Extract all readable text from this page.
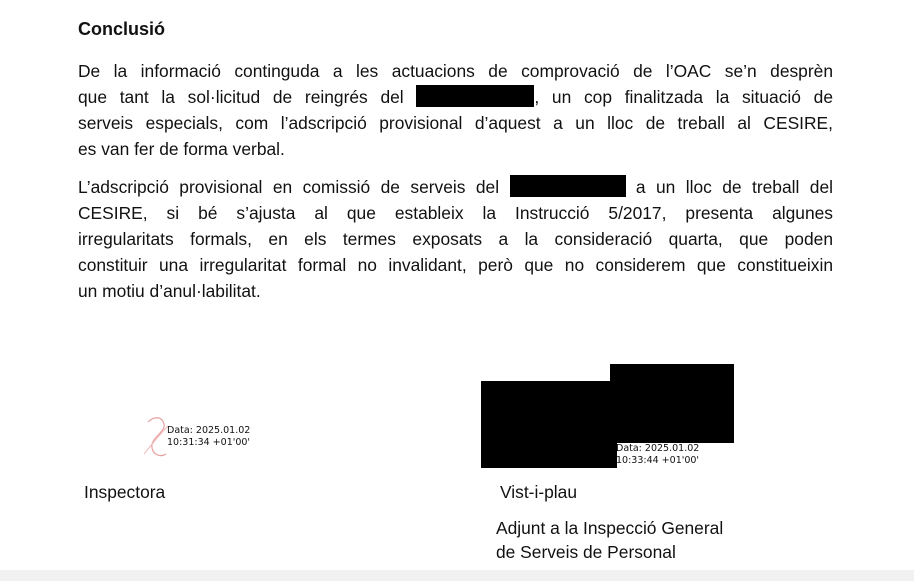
Conclusió
De la informació continguda a les actuacions de comprovació de l’OAC se’n desprèn
que tant la sol·licitud de reingrés del	, un cop finalitzada la situació de
serveis especials, com l’adscripció provisional d’aquest a un lloc de treball al CESIRE,
es van fer de forma verbal.
L’adscripció provisional en comissió de serveis del	a un lloc de treball del
CESIRE, si bé s’ajusta al que estableix la Instrucció 5/2017, presenta algunes
irregularitats formals, en els termes exposats a la consideració quarta, que poden
constituir una irregularitat formal no invalidant, però que no considerem que constitueixin
un motiu d’anul·labilitat.
Data: 2025.01.02
10:31:34 +01'00'

Inspectora

Data: 2025.01.02
10:33:44 +01'00'

Vist-i-plau

Adjunt a la Inspecció General

de Serveis de Personal
